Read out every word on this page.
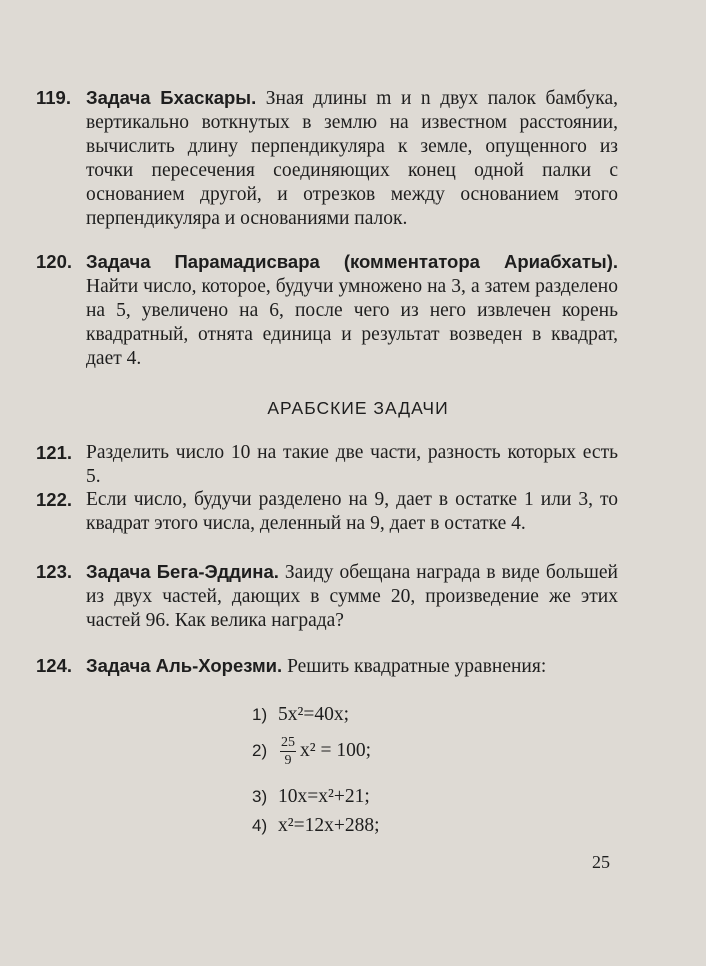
119. Задача Бхаскары. Зная длины m и n двух палок бамбука, вертикально воткнутых в землю на известном расстоянии, вычислить длину перпендикуляра к земле, опущенного из точки пересечения соединяющих конец одной палки с основанием другой, и отрезков между основанием этого перпендикуляра и основаниями палок.
120. Задача Парамадисвара (комментатора Ариабхаты). Найти число, которое, будучи умножено на 3, а затем разделено на 5, увеличено на 6, после чего из него извлечен корень квадратный, отнята единица и результат возведен в квадрат, дает 4.
АРАБСКИЕ ЗАДАЧИ
121. Разделить число 10 на такие две части, разность которых есть 5.
122. Если число, будучи разделено на 9, дает в остатке 1 или 3, то квадрат этого числа, деленный на 9, дает в остатке 4.
123. Задача Бега-Эддина. Заиду обещана награда в виде большей из двух частей, дающих в сумме 20, произведение же этих частей 96. Как велика награда?
124. Задача Аль-Хорезми. Решить квадратные уравнения:
1) 5x²=40x;
$2) \frac{25}{9} x^2 = 100$;
3) 10x=x²+21;
4) x²=12x+288;
25
